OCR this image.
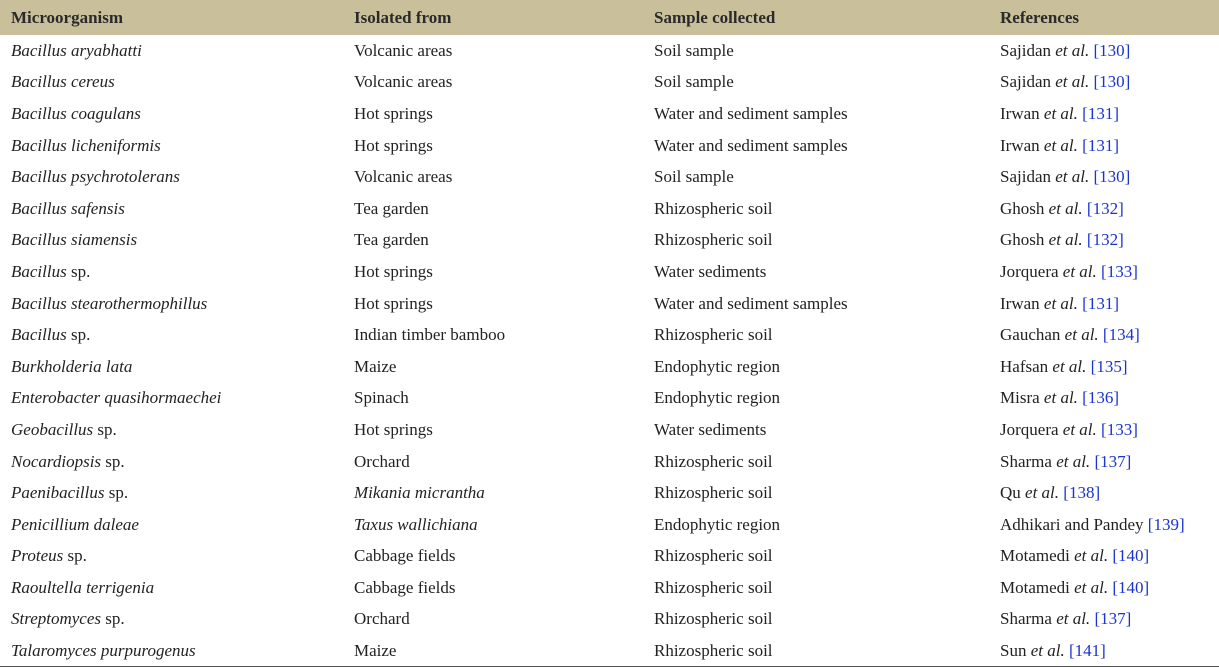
Microorganism	Isolated from	Sample collected	References
Bacillus aryabhatti	Volcanic areas	Soil sample	Sajidan et al. [130]
Bacillus cereus	Volcanic areas	Soil sample	Sajidan et al. [130]
Bacillus coagulans	Hot springs	Water and sediment samples	Irwan et al. [131]
Bacillus licheniformis	Hot springs	Water and sediment samples	Irwan et al. [131]
Bacillus psychrotolerans	Volcanic areas	Soil sample	Sajidan et al. [130]
Bacillus safensis	Tea garden	Rhizospheric soil	Ghosh et al. [132]
Bacillus siamensis	Tea garden	Rhizospheric soil	Ghosh et al. [132]
Bacillus sp.	Hot springs	Water sediments	Jorquera et al. [133]
Bacillus stearothermophillus	Hot springs	Water and sediment samples	Irwan et al. [131]
Bacillus sp.	Indian timber bamboo	Rhizospheric soil	Gauchan et al. [134]
Burkholderia lata	Maize	Endophytic region	Hafsan et al. [135]
Enterobacter quasihormaechei	Spinach	Endophytic region	Misra et al. [136]
Geobacillus sp.	Hot springs	Water sediments	Jorquera et al. [133]
Nocardiopsis sp.	Orchard	Rhizospheric soil	Sharma et al. [137]
Paenibacillus sp.	Mikania micrantha	Rhizospheric soil	Qu et al. [138]
Penicillium daleae	Taxus wallichiana	Endophytic region	Adhikari and Pandey [139]
Proteus sp.	Cabbage fields	Rhizospheric soil	Motamedi et al. [140]
Raoultella terrigenia	Cabbage fields	Rhizospheric soil	Motamedi et al. [140]
Streptomyces sp.	Orchard	Rhizospheric soil	Sharma et al. [137]
Talaromyces purpurogenus	Maize	Rhizospheric soil	Sun et al. [141]
